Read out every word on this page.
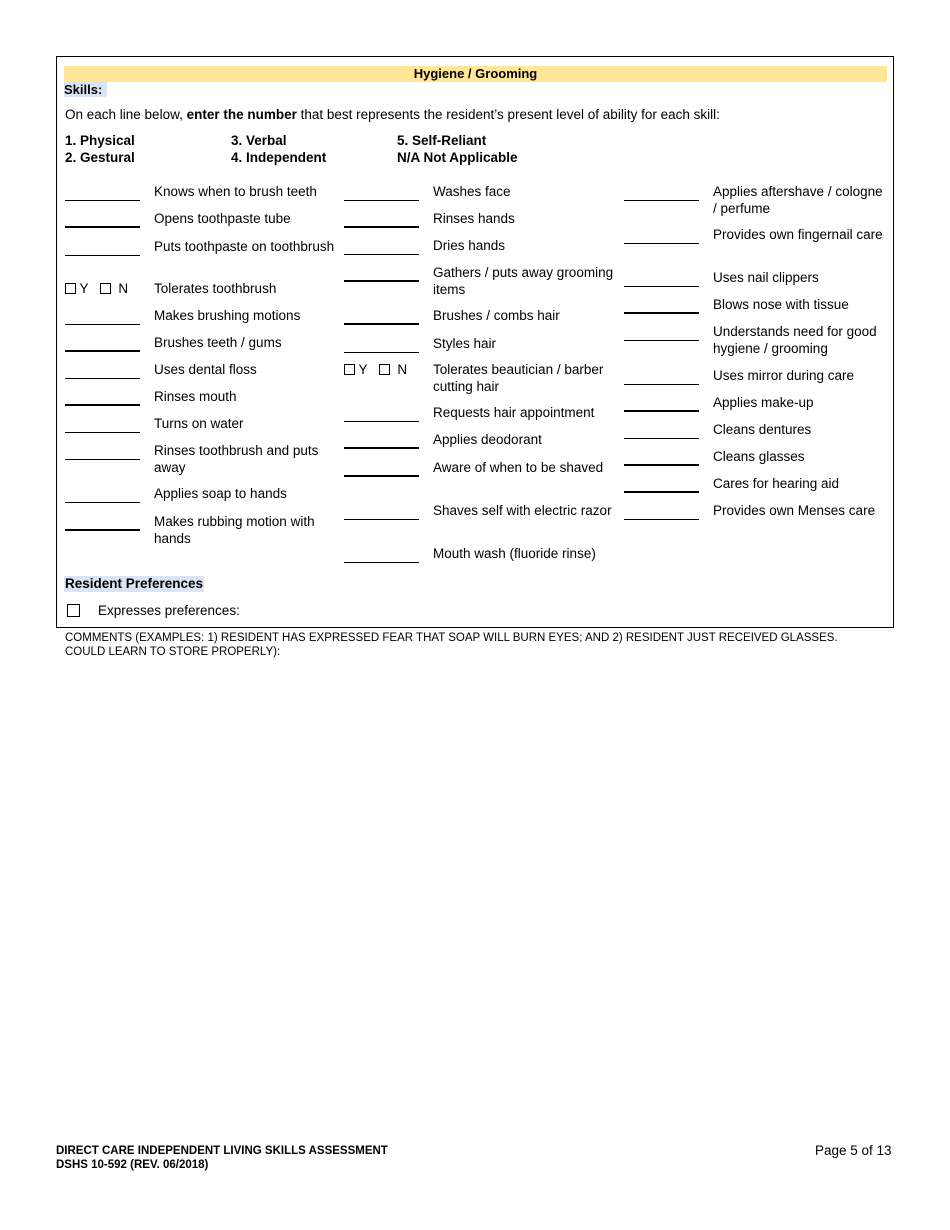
Hygiene / Grooming
Skills:
On each line below, enter the number that best represents the resident’s present level of ability for each skill:
1. Physical
2. Gestural
3. Verbal
4. Independent
5. Self-Reliant
N/A Not Applicable
Knows when to brush teeth
Opens toothpaste tube
Puts toothpaste on toothbrush
Y N Tolerates toothbrush
Makes brushing motions
Brushes teeth / gums
Uses dental floss
Rinses mouth
Turns on water
Rinses toothbrush and puts away
Applies soap to hands
Makes rubbing motion with hands
Washes face
Rinses hands
Dries hands
Gathers / puts away grooming items
Brushes / combs hair
Styles hair
Y N Tolerates beautician / barber cutting hair
Requests hair appointment
Applies deodorant
Aware of when to be shaved
Shaves self with electric razor
Mouth wash (fluoride rinse)
Applies aftershave / cologne / perfume
Provides own fingernail care
Uses nail clippers
Blows nose with tissue
Understands need for good hygiene / grooming
Uses mirror during care
Applies make-up
Cleans dentures
Cleans glasses
Cares for hearing aid
Provides own Menses care
Resident Preferences
Expresses preferences:
COMMENTS (EXAMPLES: 1) RESIDENT HAS EXPRESSED FEAR THAT SOAP WILL BURN EYES; AND 2) RESIDENT JUST RECEIVED GLASSES. COULD LEARN TO STORE PROPERLY):
DIRECT CARE INDEPENDENT LIVING SKILLS ASSESSMENT
DSHS 10-592 (REV. 06/2018)
Page 5 of 13
